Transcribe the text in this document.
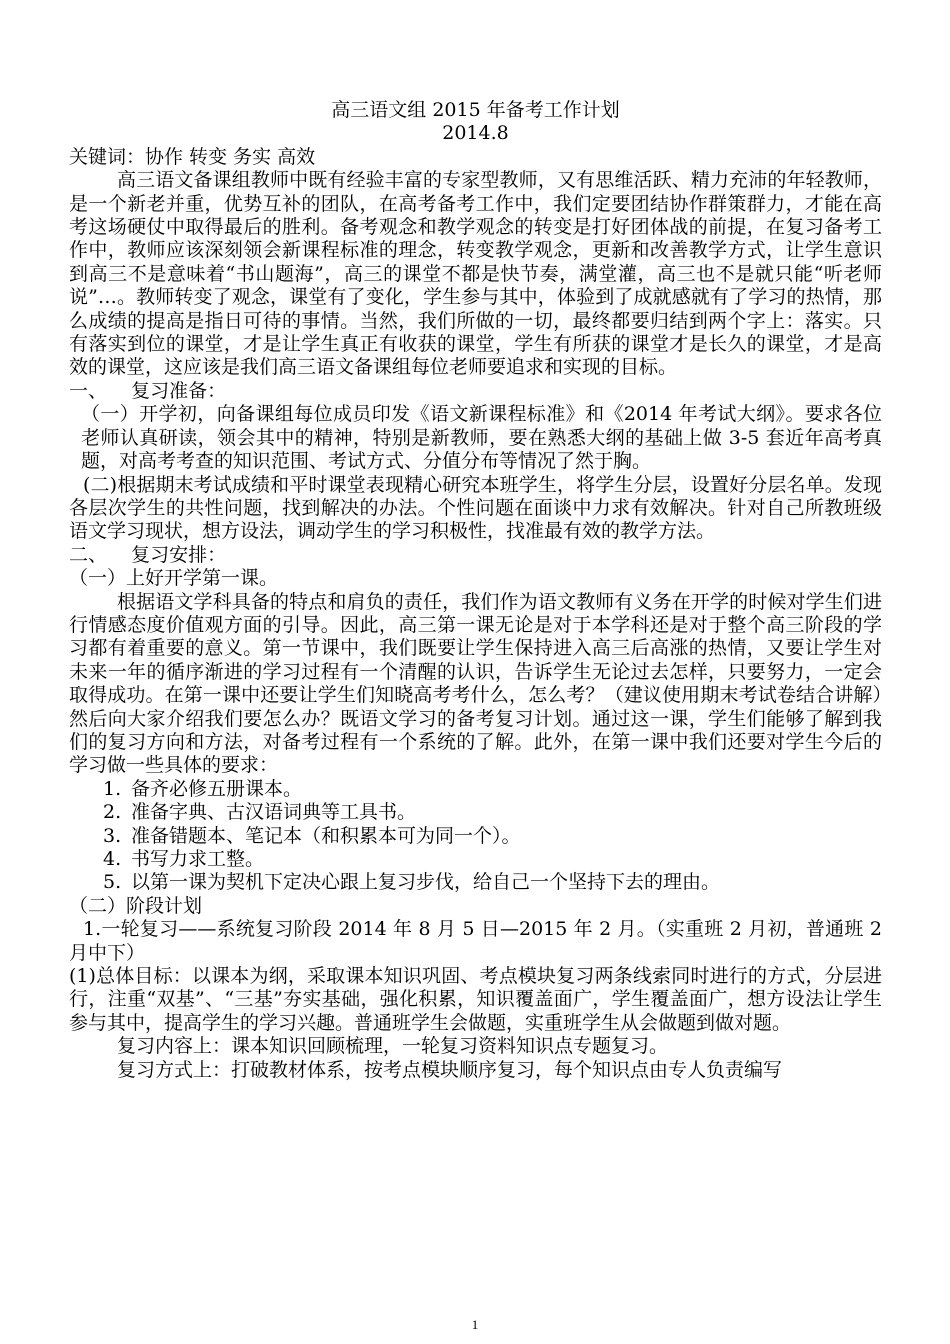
高三语文组 2015 年备考工作计划

2014.8

关键词：协作 转变 务实 高效

高三语文备课组教师中既有经验丰富的专家型教师，又有思维活跃、精力充沛的年轻教师，是一个新老并重，优势互补的团队，在高考备考工作中，我们定要团结协作群策群力，才能在高考这场硬仗中取得最后的胜利。备考观念和教学观念的转变是打好团体战的前提，在复习备考工作中，教师应该深刻领会新课程标准的理念，转变教学观念，更新和改善教学方式，让学生意识到高三不是意味着“书山题海”，高三的课堂不都是快节奏，满堂灌，高三也不是就只能“听老师说”…。教师转变了观念，课堂有了变化，学生参与其中，体验到了成就感就有了学习的热情，那么成绩的提高是指日可待的事情。当然，我们所做的一切，最终都要归结到两个字上：落实。只有落实到位的课堂，才是让学生真正有收获的课堂，学生有所获的课堂才是长久的课堂，才是高效的课堂，这应该是我们高三语文备课组每位老师要追求和实现的目标。

一、    复习准备：

（一）开学初，向备课组每位成员印发《语文新课程标准》和《2014 年考试大纲》。要求各位老师认真研读，领会其中的精神，特别是新教师，要在熟悉大纲的基础上做 3-5 套近年高考真题，对高考考查的知识范围、考试方式、分值分布等情况了然于胸。

(二)根据期末考试成绩和平时课堂表现精心研究本班学生，将学生分层，设置好分层名单。发现各层次学生的共性问题，找到解决的办法。个性问题在面谈中力求有效解决。针对自己所教班级语文学习现状，想方设法，调动学生的学习积极性，找准最有效的教学方法。

二、    复习安排：

（一）上好开学第一课。

根据语文学科具备的特点和肩负的责任，我们作为语文教师有义务在开学的时候对学生们进行情感态度价值观方面的引导。因此，高三第一课无论是对于本学科还是对于整个高三阶段的学习都有着重要的意义。第一节课中，我们既要让学生保持进入高三后高涨的热情，又要让学生对未来一年的循序渐进的学习过程有一个清醒的认识，告诉学生无论过去怎样，只要努力，一定会取得成功。在第一课中还要让学生们知晓高考考什么，怎么考？（建议使用期末考试卷结合讲解）然后向大家介绍我们要怎么办？既语文学习的备考复习计划。通过这一课，学生们能够了解到我们的复习方向和方法，对备考过程有一个系统的了解。此外，在第一课中我们还要对学生今后的学习做一些具体的要求：

1. 备齐必修五册课本。
2. 准备字典、古汉语词典等工具书。
3. 准备错题本、笔记本（和积累本可为同一个）。
4. 书写力求工整。
5. 以第一课为契机下定决心跟上复习步伐，给自己一个坚持下去的理由。

（二）阶段计划

1.一轮复习——系统复习阶段 2014 年 8 月 5 日—2015 年 2 月。（实重班 2 月初，普通班 2 月中下）

(1)总体目标：以课本为纲，采取课本知识巩固、考点模块复习两条线索同时进行的方式，分层进行，注重“双基”、“三基”夯实基础，强化积累，知识覆盖面广，学生覆盖面广，想方设法让学生参与其中，提高学生的学习兴趣。普通班学生会做题，实重班学生从会做题到做对题。

复习内容上：课本知识回顾梳理，一轮复习资料知识点专题复习。

复习方式上：打破教材体系，按考点模块顺序复习，每个知识点由专人负责编写

1
